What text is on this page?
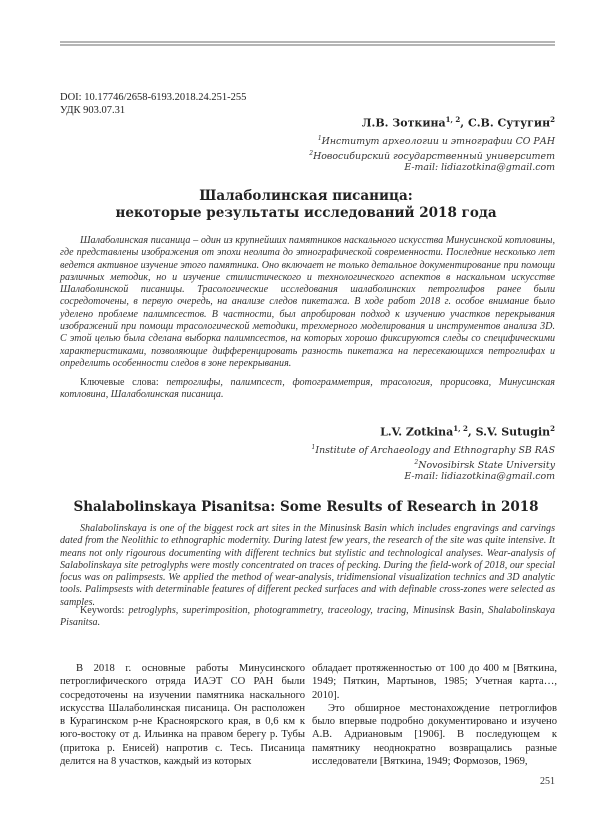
DOI: 10.17746/2658-6193.2018.24.251-255
УДК 903.07.31
Л.В. Зоткина$^{1, 2}$, С.В. Сутугин$^2$
$^1$Институт археологии и этнографии СО РАН
$^2$Новосибирский государственный университет
E-mail: lidiazotkina@gmail.com
Шалаболинская писаница:
некоторые результаты исследований 2018 года

Шалаболинская писаница – один из крупнейших памятников наскального искусства Минусинской котловины, где представлены изображения от эпохи неолита до этнографической современности. Последние несколько лет ведется активное изучение этого памятника. Оно включает не только детальное документирование при помощи различных методик, но и изучение стилистического и технологического аспектов в наскальном искусстве Шалаболинской писаницы. Трасологические исследования шалаболинских петроглифов ранее были сосредоточены, в первую очередь, на анализе следов пикетажа. В ходе работ 2018 г. особое внимание было уделено проблеме палимпсестов. В частности, был апробирован подход к изучению участков перекрывания изображений при помощи трасологической методики, трехмерного моделирования и инструментов анализа 3D. С этой целью была сделана выборка палимпсестов, на которых хорошо фиксируются следы со специфическими характеристиками, позволяющие дифференцировать разность пикетажа на пересекающихся петроглифах и определить особенности следов в зоне перекрывания.

Ключевые слова: петроглифы, палимпсест, фотограмметрия, трасология, прорисовка, Минусинская котловина, Шалаболинская писаница.

L.V. Zotkina$^{1, 2}$, S.V. Sutugin$^2$
$^1$Institute of Archaeology and Ethnography SB RAS
$^2$Novosibirsk State University
E-mail: lidiazotkina@gmail.com
Shalabolinskaya Pisanitsa: Some Results of Research in 2018

Shalabolinskaya is one of the biggest rock art sites in the Minusinsk Basin which includes engravings and carvings dated from the Neolithic to ethnographic modernity. During latest few years, the research of the site was quite intensive. It means not only rigourous documenting with different technics but stylistic and technological analyses. Wear-analysis of Salabolinskaya site petroglyphs were mostly concentrated on traces of pecking. During the field-work of 2018, our special focus was on palimpsests. We applied the method of wear-analysis, tridimensional visualization technics and 3D analytic tools. Palimpsests with determinable features of different pecked surfaces and with definable cross-zones were selected as samples.

Keywords: petroglyphs, superimposition, photogrammetry, traceology, tracing, Minusinsk Basin, Shalabolinskaya Pisanitsa.

В 2018 г. основные работы Минусинского петроглифического отряда ИАЭТ СО РАН были сосредоточены на изучении памятника наскального искусства Шалаболинская писаница. Он расположен в Курагинском р-не Красноярского края, в 0,6 км к юго-востоку от д. Ильинка на правом берегу р. Тубы (притока р. Енисей) напротив с. Тесь. Писаница делится на 8 участков, каждый из которых

обладает протяженностью от 100 до 400 м [Вяткина, 1949; Пяткин, Мартынов, 1985; Учетная карта…, 2010].

Это обширное местонахождение петроглифов было впервые подробно документировано и изучено А.В. Адриановым [1906]. В последующем к памятнику неоднократно возвращались разные исследователи [Вяткина, 1949; Формозов, 1969,

251
